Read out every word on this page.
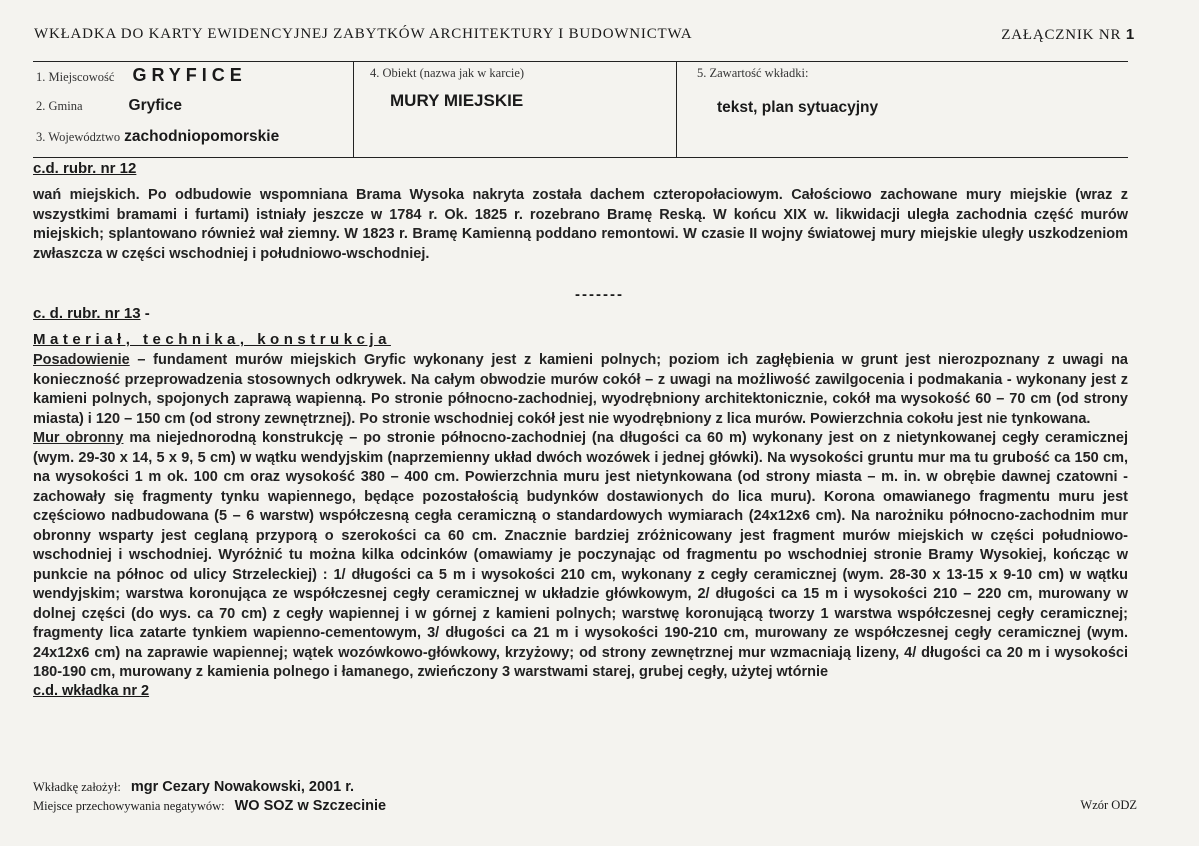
WKŁADKA DO KARTY EWIDENCYJNEJ ZABYTKÓW ARCHITEKTURY I BUDOWNICTWA	ZAŁĄCZNIK NR 1
1. Miejscowość GRYFICE
2. Gmina	Gryfice
3. Województwo zachodniopomorskie
4. Obiekt (nazwa jak w karcie)
MURY MIEJSKIE
5. Zawartość wkładki:
tekst, plan sytuacyjny
c.d. rubr. nr 12

wań miejskich. Po odbudowie wspomniana Brama Wysoka nakryta została dachem czteropołaciowym. Całościowo zachowane mury miejskie (wraz z wszystkimi bramami i furtami) istniały jeszcze w 1784 r. Ok. 1825 r. rozebrano Bramę Reską. W końcu XIX w. likwidacji uległa zachodnia część murów miejskich; splantowano również wał ziemny. W 1823 r. Bramę Kamienną poddano remontowi. W czasie II wojny światowej mury miejskie uległy uszkodzeniom zwłaszcza w części wschodniej i południowo-wschodniej.

-------
c. d. rubr. nr 13 -
Materiał, technika, konstrukcja

Posadowienie – fundament murów miejskich Gryfic wykonany jest z kamieni polnych; poziom ich zagłębienia w grunt jest nierozpoznany z uwagi na konieczność przeprowadzenia stosownych odkrywek. Na całym obwodzie murów cokół – z uwagi na możliwość zawilgocenia i podmakania - wykonany jest z kamieni polnych, spojonych zaprawą wapienną. Po stronie północno-zachodniej, wyodrębniony architektonicznie, cokół ma wysokość 60 – 70 cm (od strony miasta) i 120 – 150 cm (od strony zewnętrznej). Po stronie wschodniej cokół jest nie wyodrębniony z lica murów. Powierzchnia cokołu jest nie tynkowana.

Mur obronny ma niejednorodną konstrukcję – po stronie północno-zachodniej (na długości ca 60 m) wykonany jest on z nietynkowanej cegły ceramicznej (wym. 29-30 x 14, 5 x 9, 5 cm) w wątku wendyjskim (naprzemienny układ dwóch wozówek i jednej główki). Na wysokości gruntu mur ma tu grubość ca 150 cm, na wysokości 1 m ok. 100 cm oraz wysokość 380 – 400 cm. Powierzchnia muru jest nietynkowana (od strony miasta – m. in. w obrębie dawnej czatowni - zachowały się fragmenty tynku wapiennego, będące pozostałością budynków dostawionych do lica muru). Korona omawianego fragmentu muru jest częściowo nadbudowana (5 – 6 warstw) współczesną cegła ceramiczną o standardowych wymiarach (24x12x6 cm). Na narożniku północno-zachodnim mur obronny wsparty jest ceglaną przyporą o szerokości ca 60 cm. Znacznie bardziej zróżnicowany jest fragment murów miejskich w części południowo-wschodniej i wschodniej. Wyróżnić tu można kilka odcinków (omawiamy je poczynając od fragmentu po wschodniej stronie Bramy Wysokiej, kończąc w punkcie na północ od ulicy Strzeleckiej) : 1/ długości ca 5 m i wysokości 210 cm, wykonany z cegły ceramicznej (wym. 28-30 x 13-15 x 9-10 cm) w wątku wendyjskim; warstwa koronująca ze współczesnej cegły ceramicznej w układzie główkowym, 2/ długości ca 15 m i wysokości 210 – 220 cm, murowany w dolnej części (do wys. ca 70 cm) z cegły wapiennej i w górnej z kamieni polnych; warstwę koronującą tworzy 1 warstwa współczesnej cegły ceramicznej; fragmenty lica zatarte tynkiem wapienno-cementowym, 3/ długości ca 21 m i wysokości 190-210 cm, murowany ze współczesnej cegły ceramicznej (wym. 24x12x6 cm) na zaprawie wapiennej; wątek wozówkowo-główkowy, krzyżowy; od strony zewnętrznej mur wzmacniają lizeny, 4/ długości ca 20 m i wysokości 180-190 cm, murowany z kamienia polnego i łamanego, zwieńczony 3 warstwami starej, grubej cegły, użytej wtórnie

c.d. wkładka nr 2
Wkładkę założył: mgr Cezary Nowakowski, 2001 r.
Miejsce przechowywania negatywów: WO SOZ w Szczecinie	Wzór ODZ
